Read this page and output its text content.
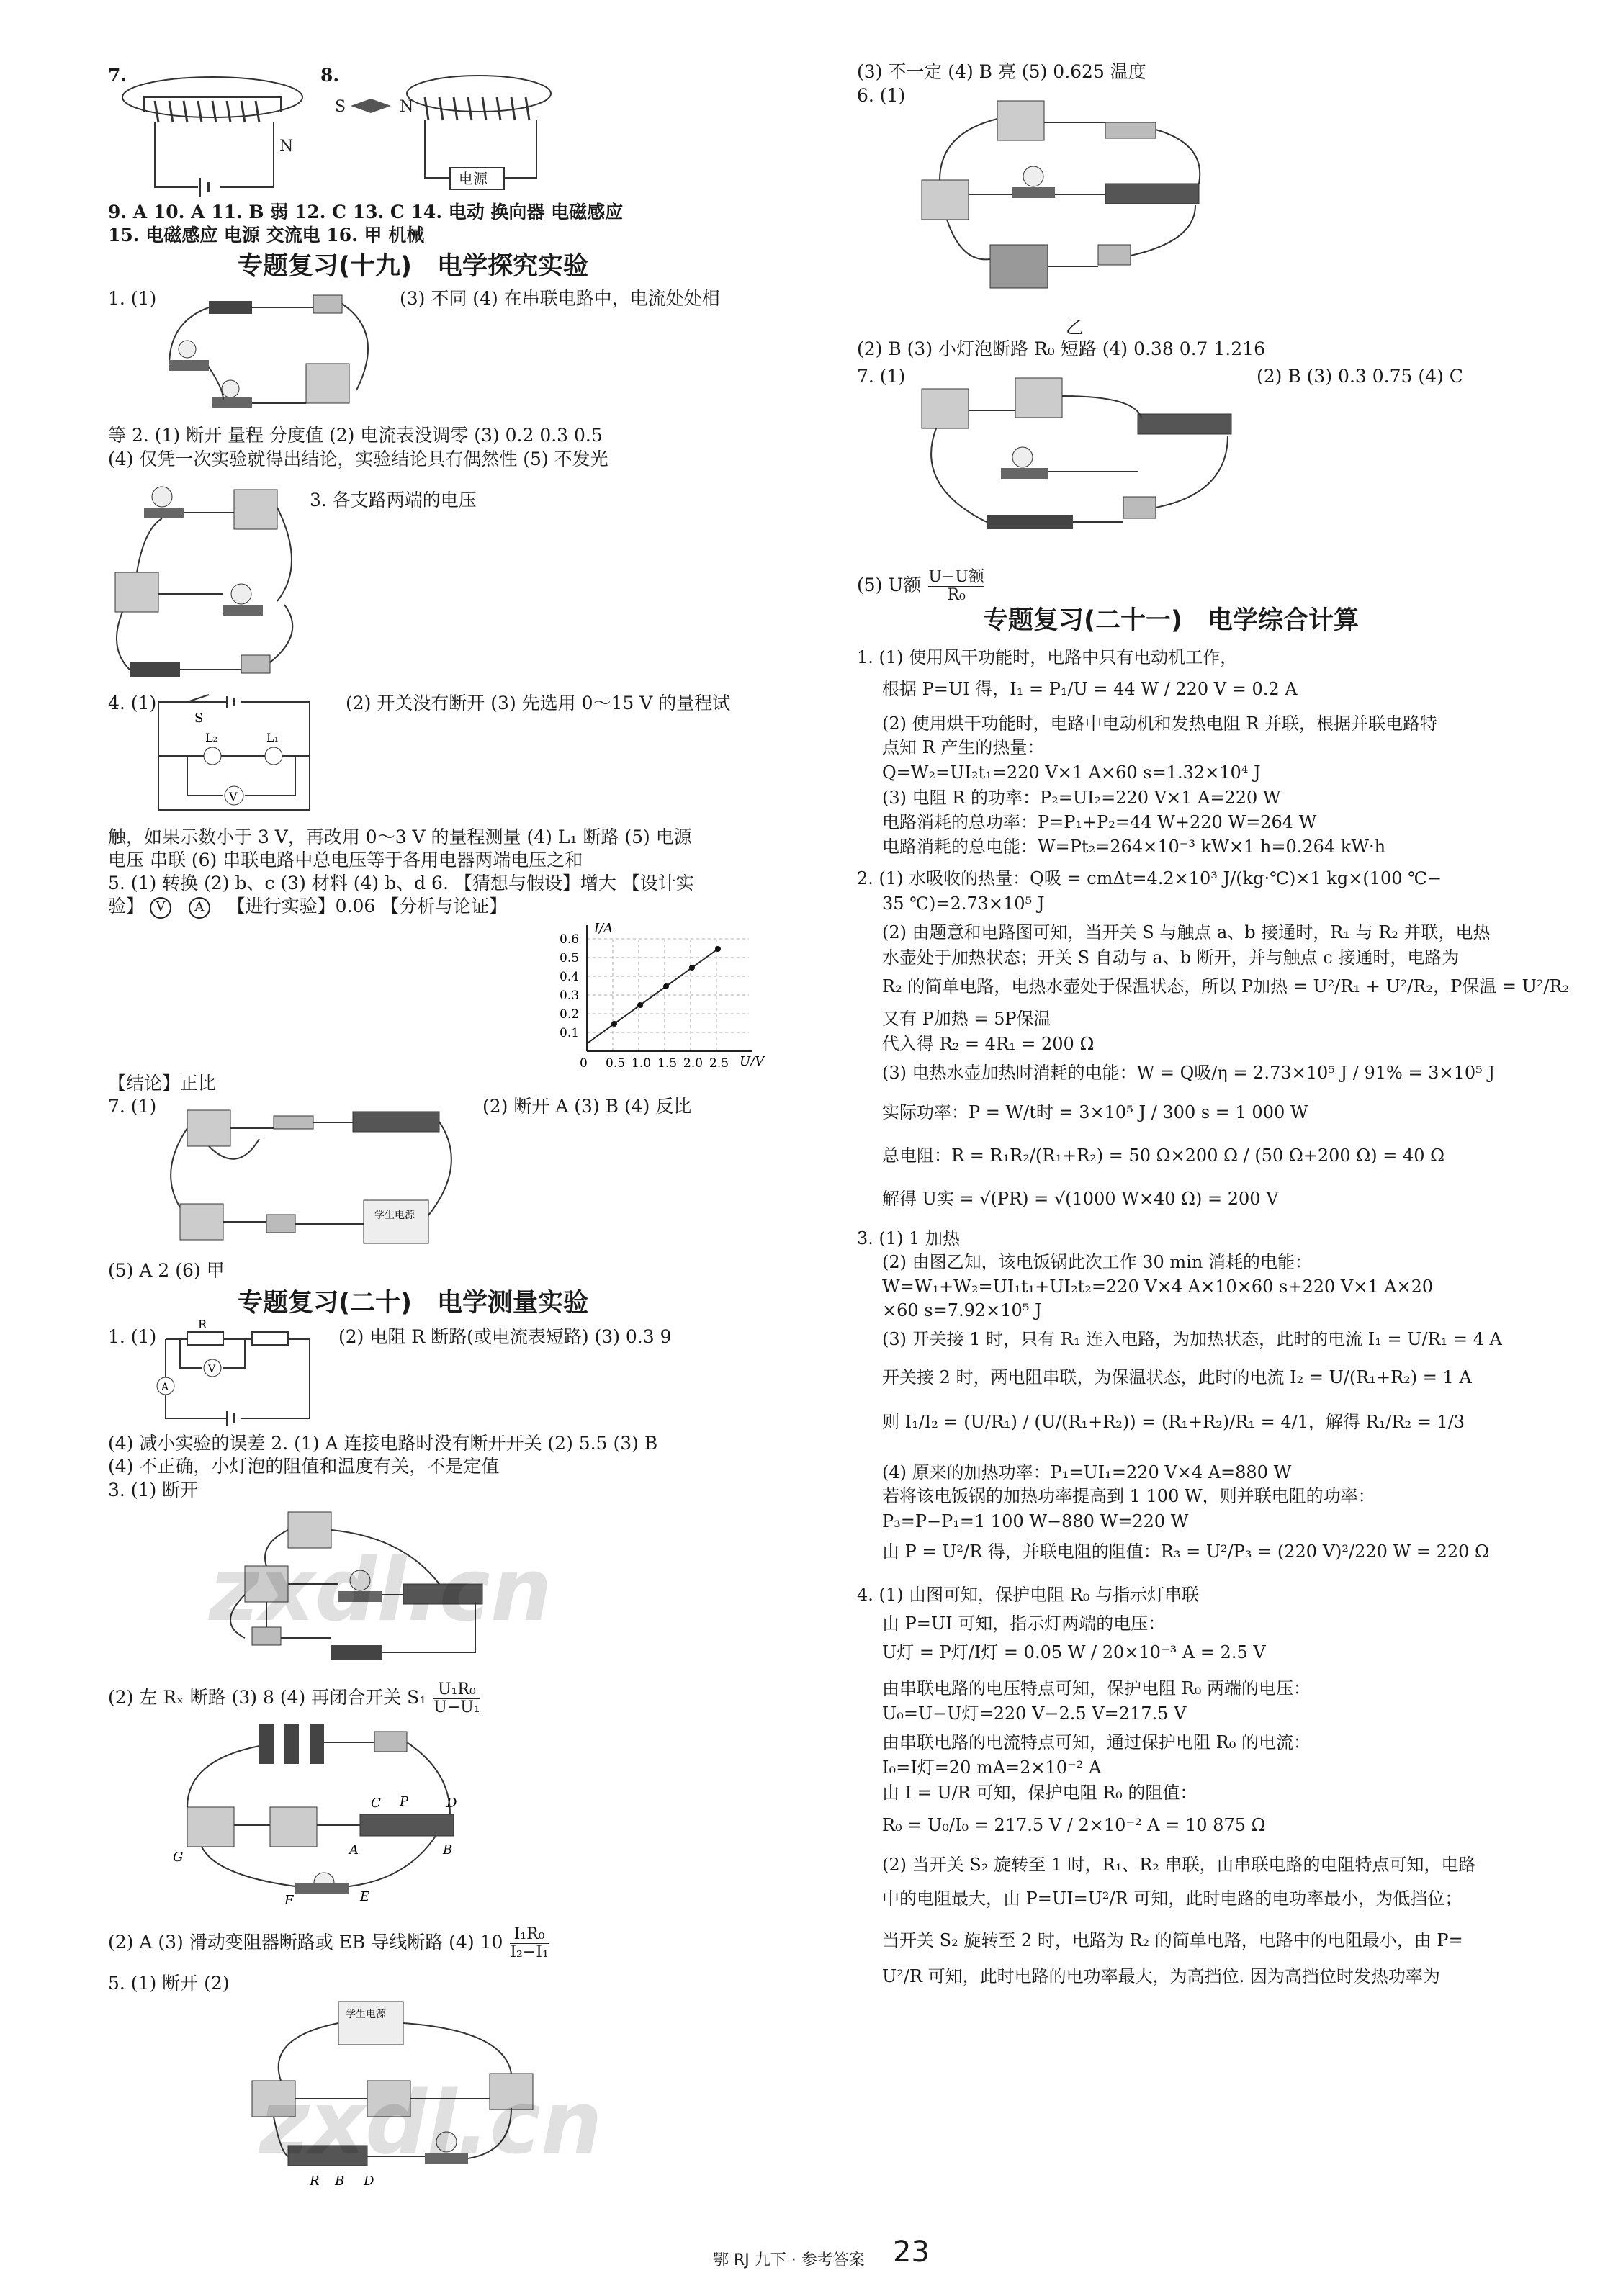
7.
N
8.
S	N
电源
9. A 10. A 11. B 弱 12. C 13. C 14. 电动 换向器 电磁感应
15. 电磁感应 电源 交流电 16. 甲 机械
专题复习(十九)　电学探究实验
1. (1)	(3) 不同 (4) 在串联电路中，电流处处相
等 2. (1) 断开 量程 分度值 (2) 电流表没调零 (3) 0.2 0.3 0.5
(4) 仅凭一次实验就得出结论，实验结论具有偶然性 (5) 不发光
3. 各支路两端的电压
4. (1)
S
L₂	L₁
V
(2) 开关没有断开 (3) 先选用 0～15 V 的量程试
触，如果示数小于 3 V，再改用 0～3 V 的量程测量 (4) L₁ 断路 (5) 电源
电压 串联 (6) 串联电路中总电压等于各用电器两端电压之和
5. (1) 转换 (2) b、c (3) 材料 (4) b、d 6. 【猜想与假设】增大 【设计实
验】 V A 【进行实验】0.06 【分析与论证】
I/A
U/V
0.6
0.5
0.4
0.3
0.2
0.1
0 0.5 1.0 1.5 2.0 2.5
【结论】正比
7. (1)
学生电源
(2) 断开 A (3) B (4) 反比
(5) A 2 (6) 甲
专题复习(二十)　电学测量实验
1. (1)
R
V
A
(2) 电阻 R 断路(或电流表短路) (3) 0.3 9
(4) 减小实验的误差 2. (1) A 连接电路时没有断开开关 (2) 5.5 (3) B
(4) 不正确，小灯泡的阻值和温度有关，不是定值
3. (1) 断开
(2) 左 Rₓ 断路 (3) 8 (4) 再闭合开关 $S_1 \frac{\text{U₁R₀}}{\text{U−U₁}}$
C P	D
G	A	B
F	E
(2) A (3) 滑动变阻器断路或 EB 导线断路 (4) $10 \frac{\text{I₁R₀}}{\text{I₂−I₁}}$
5. (1) 断开 (2)
学生电源
R B D
zxdl.cn
zxdl.cn
(3) 不一定 (4) B 亮 (5) 0.625 温度
6. (1)
乙
(2) B (3) 小灯泡断路 R₀ 短路 (4) 0.38 0.7 1.216
7. (1)	(2) B (3) 0.3 0.75 (4) C
(5) U额 U−U额
R₀
专题复习(二十一)　电学综合计算
1. (1) 使用风干功能时，电路中只有电动机工作，
根据 P=UI 得，I₁ = P₁/U = 44 W / 220 V = 0.2 A
(2) 使用烘干功能时，电路中电动机和发热电阻 R 并联，根据并联电路特
点知 R 产生的热量：
Q=W₂=UI₂t₁=220 V×1 A×60 s=1.32×10⁴ J
(3) 电阻 R 的功率：P₂=UI₂=220 V×1 A=220 W
电路消耗的总功率：P=P₁+P₂=44 W+220 W=264 W
电路消耗的总电能：W=Pt₂=264×10⁻³ kW×1 h=0.264 kW·h
2. (1) 水吸收的热量：Q吸 = cmΔt=4.2×10³ J/(kg·℃)×1 kg×(100 ℃−
35 ℃)=2.73×10⁵ J
(2) 由题意和电路图可知，当开关 S 与触点 a、b 接通时，R₁ 与 R₂ 并联，电热
水壶处于加热状态；开关 S 自动与 a、b 断开，并与触点 c 接通时，电路为
R₂ 的简单电路，电热水壶处于保温状态，所以 P加热 = U²/R₁ + U²/R₂，P保温 = U²/R₂
又有 P加热 = 5P保温
代入得 R₂ = 4R₁ = 200 Ω
(3) 电热水壶加热时消耗的电能：W = Q吸/η = 2.73×10⁵ J / 91% = 3×10⁵ J
实际功率：P = W/t时 = 3×10⁵ J / 300 s = 1 000 W
总电阻：R = R₁R₂/(R₁+R₂) = 50 Ω×200 Ω / (50 Ω+200 Ω) = 40 Ω
解得 U实 = √(PR) = √(1000 W×40 Ω) = 200 V
3. (1) 1 加热
(2) 由图乙知，该电饭锅此次工作 30 min 消耗的电能：
W=W₁+W₂=UI₁t₁+UI₂t₂=220 V×4 A×10×60 s+220 V×1 A×20
×60 s=7.92×10⁵ J
(3) 开关接 1 时，只有 R₁ 连入电路，为加热状态，此时的电流 I₁ = U/R₁ = 4 A
开关接 2 时，两电阻串联，为保温状态，此时的电流 I₂ = U/(R₁+R₂) = 1 A
则 I₁/I₂ = (U/R₁) / (U/(R₁+R₂)) = (R₁+R₂)/R₁ = 4/1，解得 R₁/R₂ = 1/3
(4) 原来的加热功率：P₁=UI₁=220 V×4 A=880 W
若将该电饭锅的加热功率提高到 1 100 W，则并联电阻的功率：
P₃=P−P₁=1 100 W−880 W=220 W
由 P = U²/R 得，并联电阻的阻值：R₃ = U²/P₃ = (220 V)²/220 W = 220 Ω
4. (1) 由图可知，保护电阻 R₀ 与指示灯串联
由 P=UI 可知，指示灯两端的电压：
U灯 = P灯/I灯 = 0.05 W / 20×10⁻³ A = 2.5 V
由串联电路的电压特点可知，保护电阻 R₀ 两端的电压：
U₀=U−U灯=220 V−2.5 V=217.5 V
由串联电路的电流特点可知，通过保护电阻 R₀ 的电流：
I₀=I灯=20 mA=2×10⁻² A
由 I = U/R 可知，保护电阻 R₀ 的阻值：
R₀ = U₀/I₀ = 217.5 V / 2×10⁻² A = 10 875 Ω
(2) 当开关 S₂ 旋转至 1 时，R₁、R₂ 串联，由串联电路的电阻特点可知，电路
中的电阻最大，由 P=UI=U²/R 可知，此时电路的电功率最小，为低挡位；
当开关 S₂ 旋转至 2 时，电路为 R₂ 的简单电路，电路中的电阻最小，由 P=
U²/R 可知，此时电路的电功率最大，为高挡位. 因为高挡位时发热功率为
鄂 RJ 九下 · 参考答案 23
